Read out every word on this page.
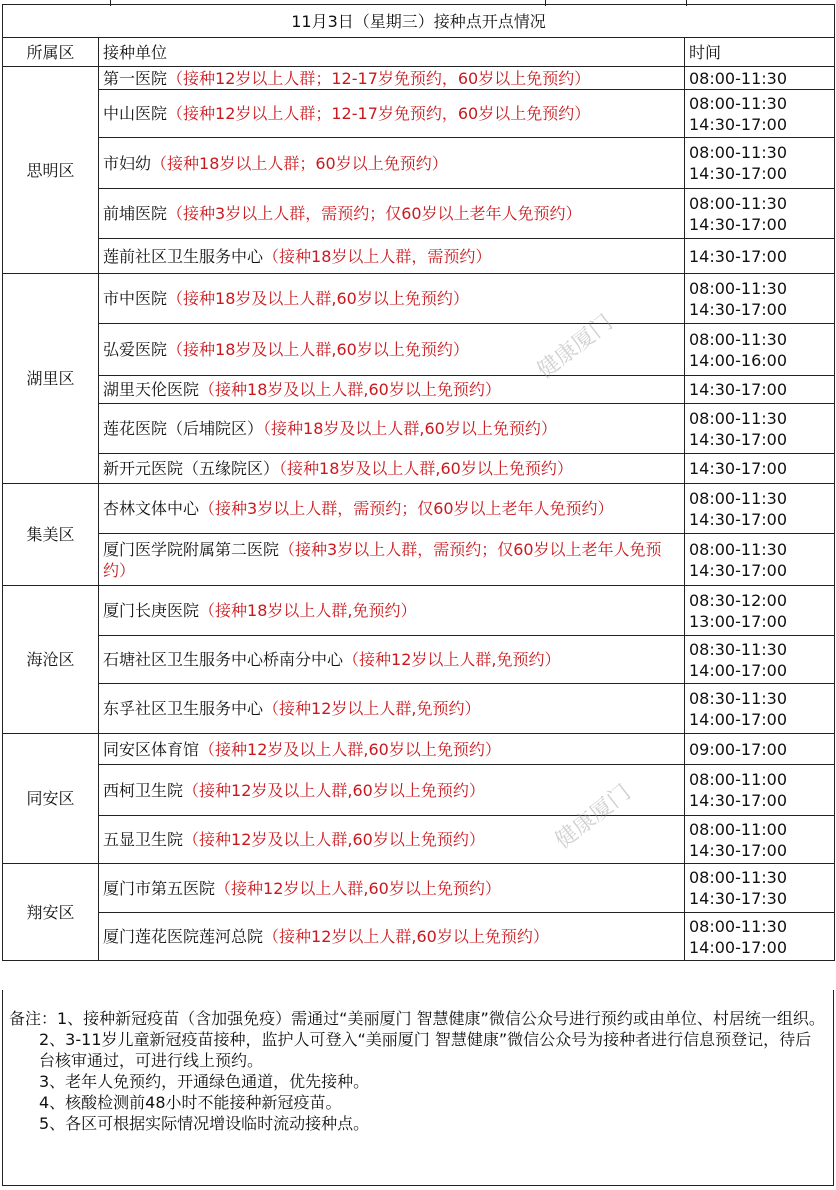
11月3日（星期三）接种点开点情况		
所属区	接种单位	时间
思明区	第一医院（接种12岁以上人群；12-17岁免预约，60岁以上免预约）	08:00-11:30

	中山医院（接种12岁以上人群；12-17岁免预约，60岁以上免预约）	08:00-11:30
14:30-17:00

	市妇幼（接种18岁以上人群；60岁以上免预约）	08:00-11:30
14:30-17:00

	前埔医院（接种3岁以上人群，需预约；仅60岁以上老年人免预约）	08:00-11:30
14:30-17:00

	莲前社区卫生服务中心（接种18岁以上人群，需预约）	14:30-17:00

湖里区	市中医院（接种18岁及以上人群,60岁以上免预约）	08:00-11:30
14:30-17:00

	弘爱医院（接种18岁及以上人群,60岁以上免预约）	08:00-11:30
14:00-16:00

	湖里天伦医院（接种18岁及以上人群,60岁以上免预约）	14:30-17:00

	莲花医院（后埔院区）（接种18岁及以上人群,60岁以上免预约）	08:00-11:30
14:30-17:00

	新开元医院（五缘院区）（接种18岁及以上人群,60岁以上免预约）	14:30-17:00

集美区	杏林文体中心（接种3岁以上人群，需预约；仅60岁以上老年人免预约）	08:00-11:30
14:30-17:00

	厦门医学院附属第二医院（接种3岁以上人群，需预约；仅60岁以上老年人免预约）	08:00-11:30
14:30-17:00

海沧区	厦门长庚医院（接种18岁以上人群,免预约）	08:30-12:00
13:00-17:00

	石塘社区卫生服务中心桥南分中心（接种12岁以上人群,免预约）	08:30-11:30
14:00-17:00

	东孚社区卫生服务中心（接种12岁以上人群,免预约）	08:30-11:30
14:00-17:00

同安区	同安区体育馆（接种12岁及以上人群,60岁以上免预约）	09:00-17:00

	西柯卫生院（接种12岁及以上人群,60岁以上免预约）	08:00-11:00
14:30-17:00

	五显卫生院（接种12岁及以上人群,60岁以上免预约）	08:00-11:00
14:30-17:00

翔安区	厦门市第五医院（接种12岁以上人群,60岁以上免预约）	08:00-11:30
14:30-17:30

	厦门莲花医院莲河总院（接种12岁以上人群,60岁以上免预约）	08:00-11:30
14:00-17:00

备注：1、接种新冠疫苗（含加强免疫）需通过“美丽厦门 智慧健康”微信公众号进行预约或由单位、村居统一组织。

2、3-11岁儿童新冠疫苗接种，监护人可登入“美丽厦门 智慧健康”微信公众号为接种者进行信息预登记，待后台核审通过，可进行线上预约。

3、老年人免预约，开通绿色通道，优先接种。

4、核酸检测前48小时不能接种新冠疫苗。

5、各区可根据实际情况增设临时流动接种点。

健康厦门
健康厦门
